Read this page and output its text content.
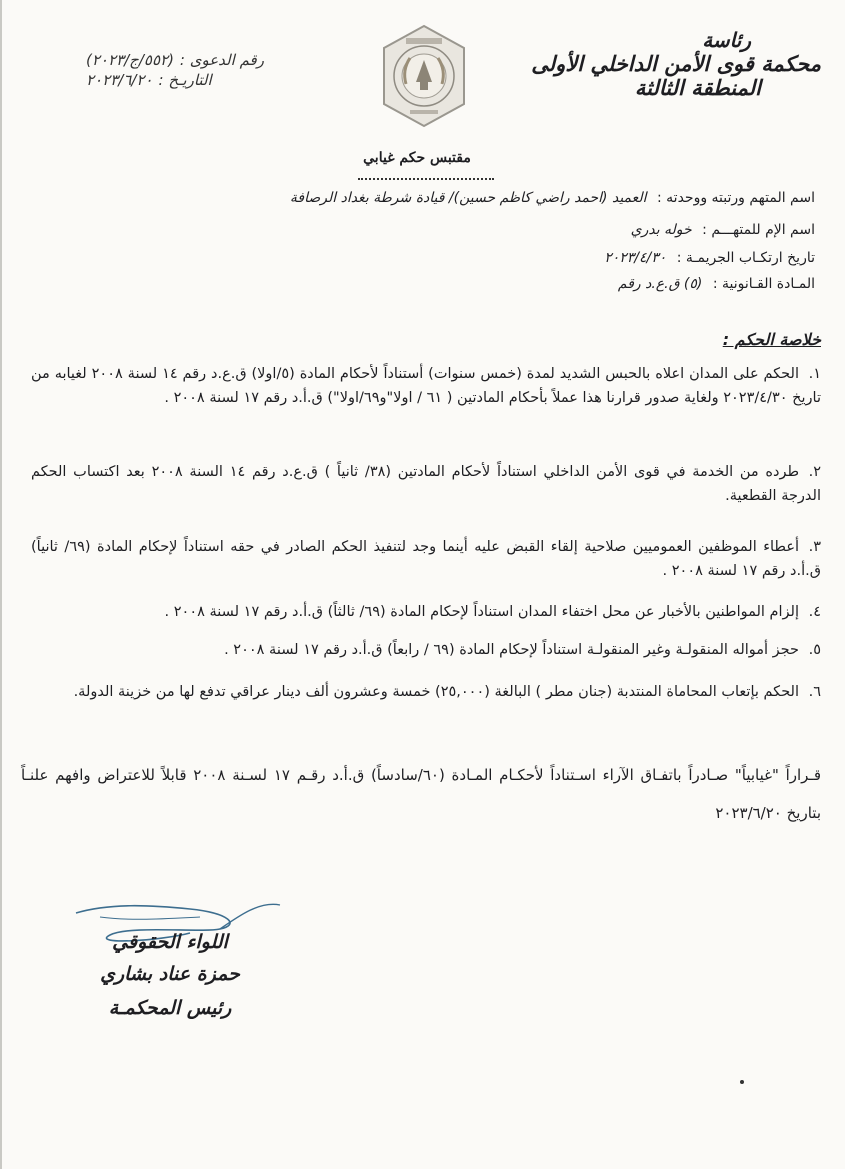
رئاسة
محكمة قوى الأمن الداخلي الأولى
المنطقة الثالثة
رقم الدعوى :
(٥٥٢/ج/٢٠٢٣)
التاريـخ :
٢٠٢٣/٦/٢٠
مقتبس حكم غيابي
اسم المتهم ورتبته ووحدته : العميد (احمد راضي كاظم حسين)/ قيادة شرطة بغداد الرصافة
اسم الإم للمتهـــم : خوله بدري
تاريخ ارتكـاب الجريمـة : ٢٠٢٣/٤/٣٠
المـادة القـانونية : (٥) ق.ع.د رقم
خلاصة الحكم :
١.الحكم على المدان اعلاه بالحبس الشديد لمدة (خمس سنوات) أستناداً لأحكام المادة (٥/اولا) ق.ع.د رقم ١٤ لسنة ٢٠٠٨ لغيابه من تاريخ ٢٠٢٣/٤/٣٠ ولغاية صدور قرارنا هذا عملاً بأحكام المادتين ( ٦١ / اولا"و٦٩/اولا") ق.أ.د رقم ١٧ لسنة ٢٠٠٨ .
٢.طرده من الخدمة في قوى الأمن الداخلي استناداً لأحكام المادتين (٣٨/ ثانياً ) ق.ع.د رقم ١٤ السنة ٢٠٠٨ بعد اكتساب الحكم الدرجة القطعية.
٣.أعطاء الموظفين العموميين صلاحية إلقاء القبض عليه أينما وجد لتنفيذ الحكم الصادر في حقه استناداً لإحكام المادة (٦٩/ ثانياً) ق.أ.د رقم ١٧ لسنة ٢٠٠٨ .
٤.إلزام المواطنين بالأخبار عن محل اختفاء المدان استناداً لإحكام المادة (٦٩/ ثالثاً) ق.أ.د رقم ١٧ لسنة ٢٠٠٨ .
٥.حجز أمواله المنقولـة وغير المنقولـة استناداً لإحكام المادة (٦٩ / رابعاً) ق.أ.د رقم ١٧ لسنة ٢٠٠٨ .
٦.الحكم بإتعاب المحاماة المنتدبة (جنان مطر ) البالغة (٢٥,٠٠٠) خمسة وعشرون ألف دينار عراقي تدفع لها من خزينة الدولة.
قـراراً "غيابياً" صـادراً باتفـاق الآراء اسـتناداً لأحكـام المـادة (٦٠/سادساً) ق.أ.د رقـم ١٧ لسـنة ٢٠٠٨ قابلاً للاعتراض وافهم علنـاً بتاريخ ٢٠٢٣/٦/٢٠
اللواء الحقوقي
حمزة عناد بشاري
رئيس المحكمـة
